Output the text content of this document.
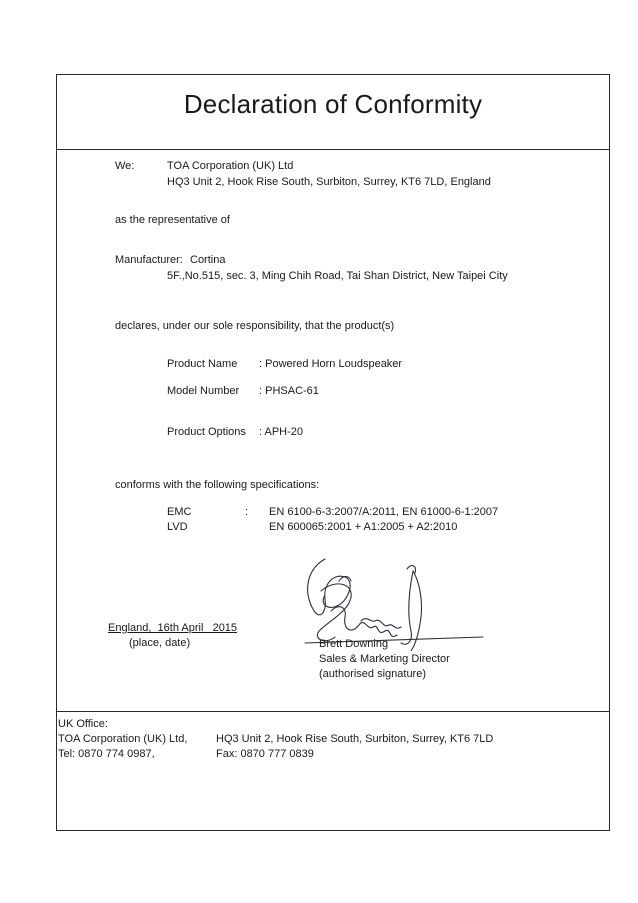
Declaration of Conformity
We:	TOA Corporation (UK) Ltd
HQ3 Unit 2, Hook Rise South, Surbiton, Surrey, KT6 7LD, England
as the representative of
Manufacturer: Cortina
5F.,No.515, sec. 3, Ming Chih Road, Tai Shan District, New Taipei City
declares, under our sole responsibility, that the product(s)
Product Name : Powered Horn Loudspeaker
Model Number : PHSAC-61
Product Options : APH-20
conforms with the following specifications:
EMC
LVD
: EN 6100-6-3:2007/A:2011, EN 61000-6-1:2007
EN 600065:2001 + A1:2005 + A2:2010
England,  16th April   2015
(place, date)	Brett Downing
Sales & Marketing Director
(authorised signature)
UK Office:
TOA Corporation (UK) Ltd,
Tel: 0870 774 0987,
HQ3 Unit 2, Hook Rise South, Surbiton, Surrey, KT6 7LD
Fax: 0870 777 0839
